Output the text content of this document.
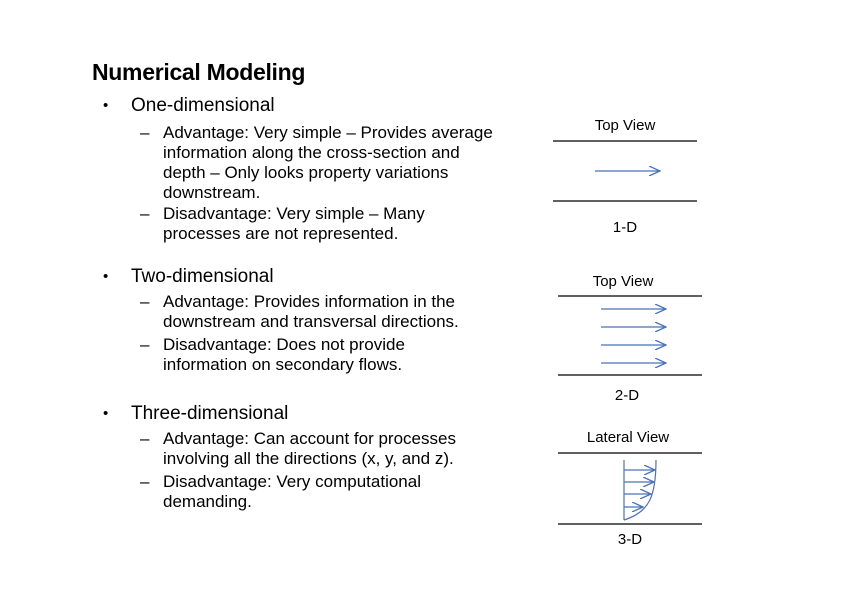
Numerical Modeling
• One-dimensional
– Advantage: Very simple – Provides average information along the cross-section and depth – Only looks property variations downstream.
– Disadvantage: Very simple – Many processes are not represented.
• Two-dimensional
– Advantage: Provides information in the downstream and transversal directions.
– Disadvantage: Does not provide information on secondary flows.
• Three-dimensional
– Advantage: Can account for processes involving all the directions (x, y, and z).
– Disadvantage: Very computational demanding.
Top View
1-D
Top View
2-D
Lateral View
3-D
